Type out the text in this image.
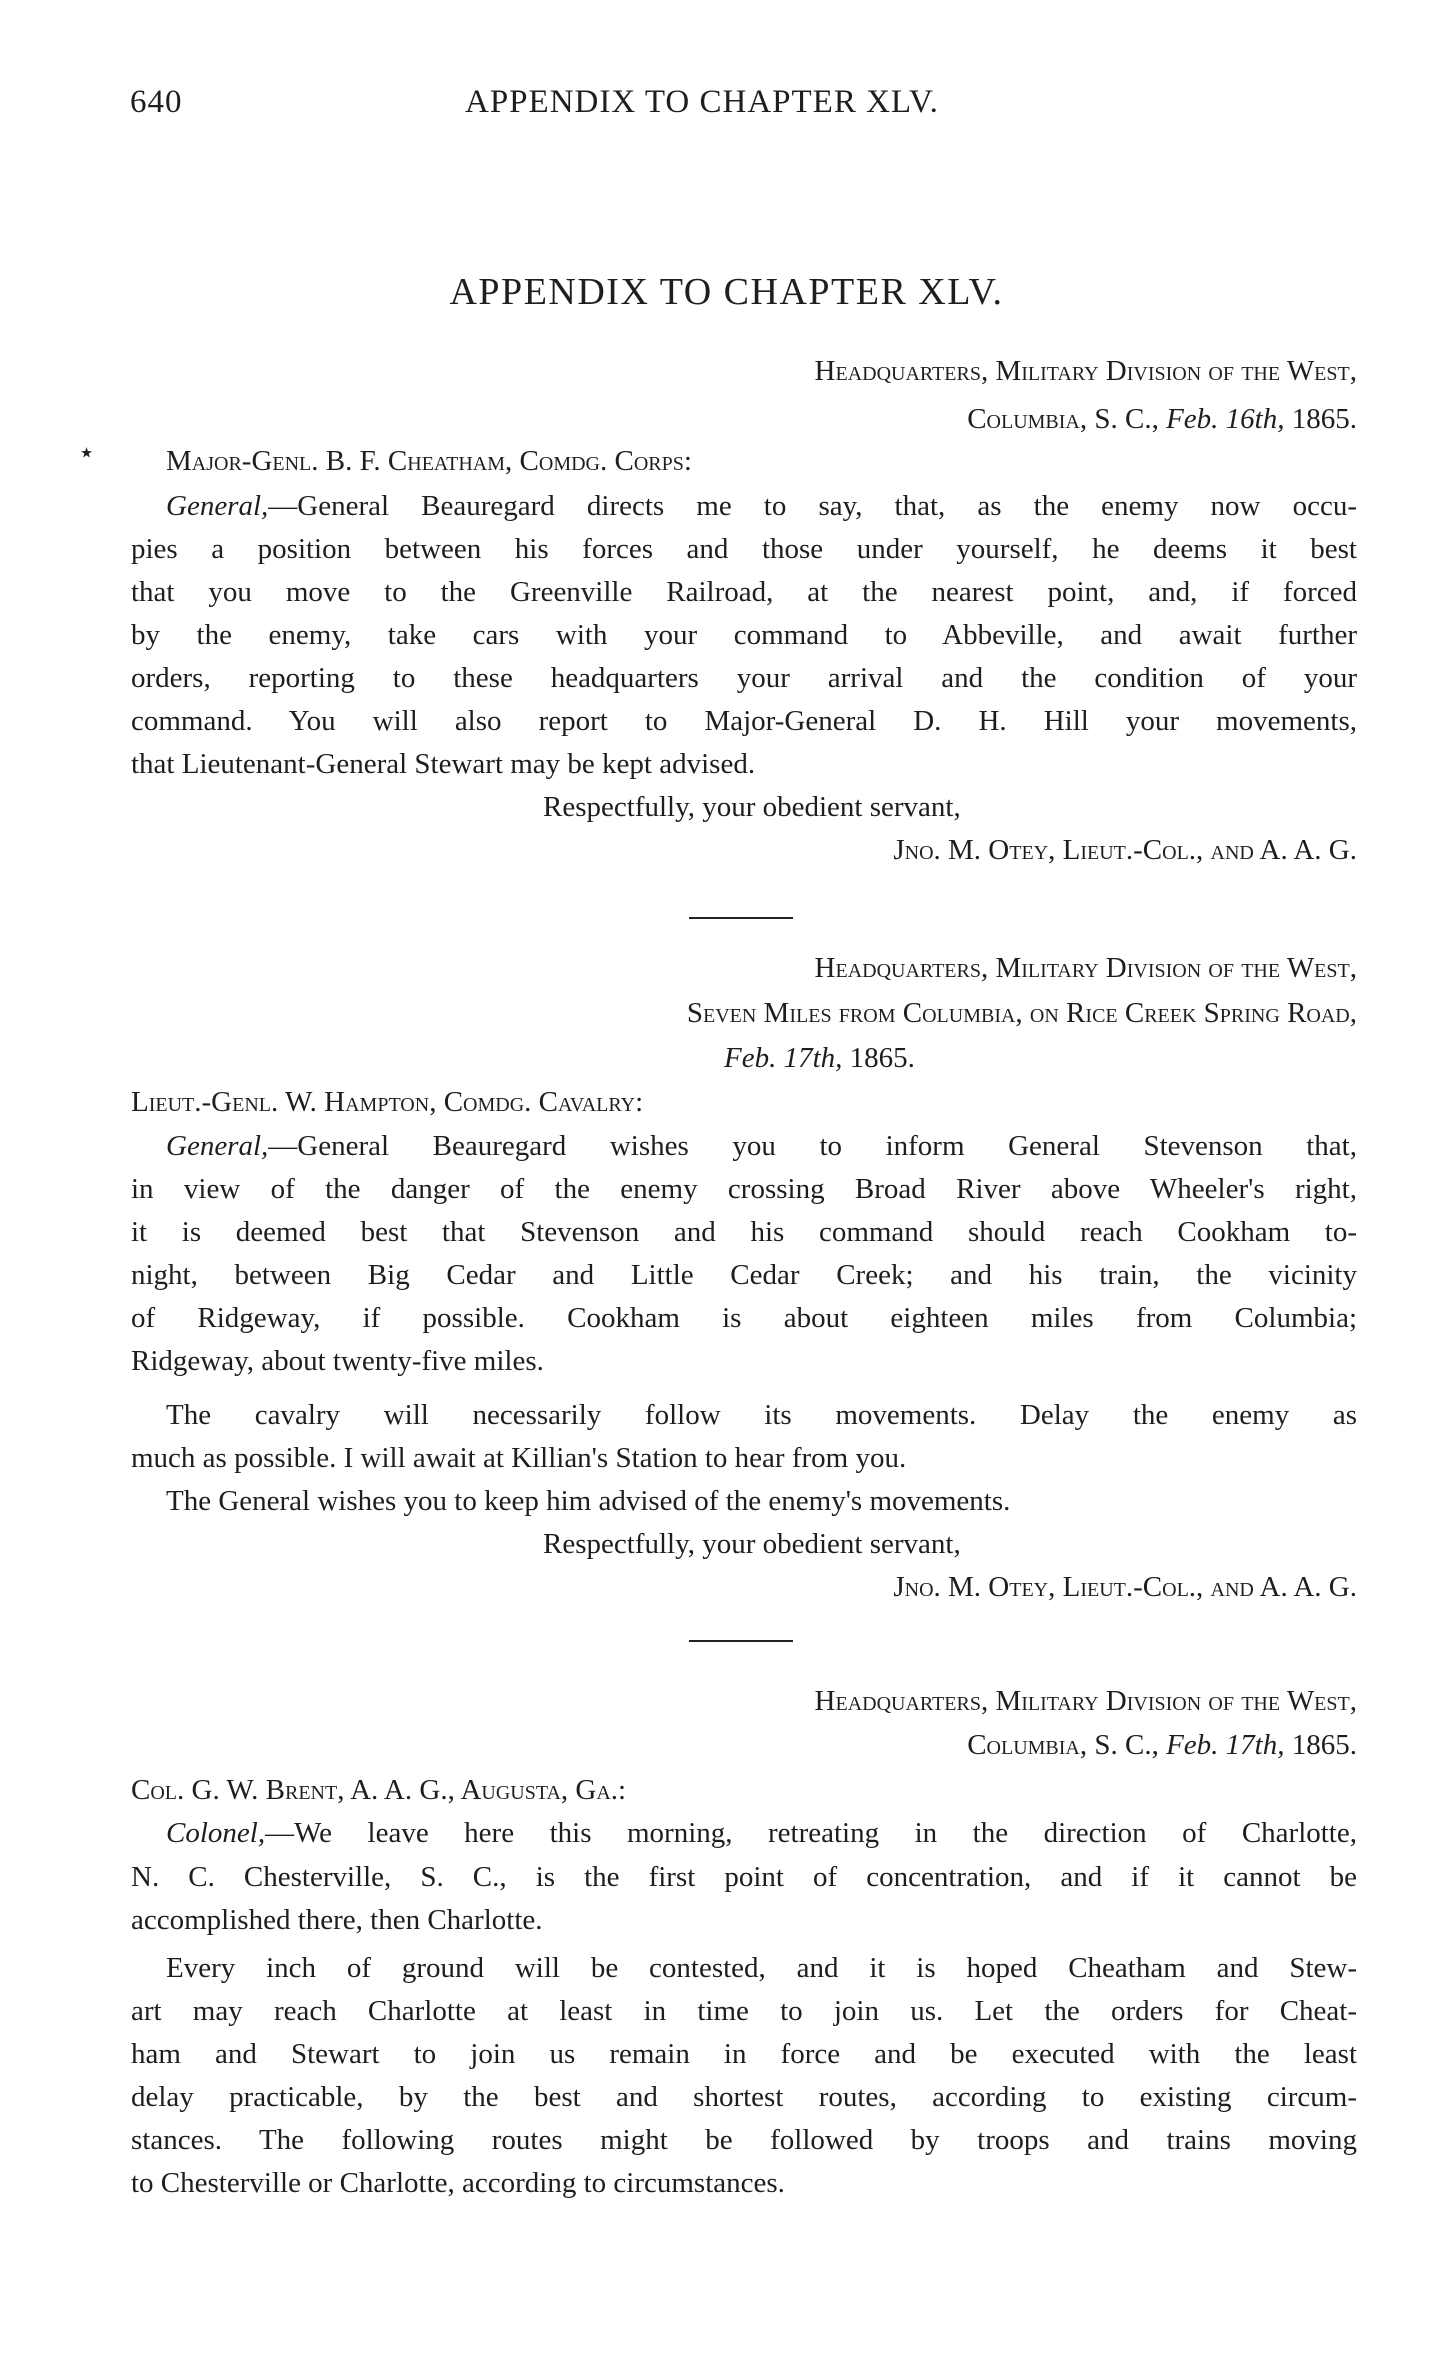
640	APPENDIX TO CHAPTER XLV.
APPENDIX TO CHAPTER XLV.
٭
Headquarters, Military Division of the West,
Columbia, S. C., Feb. 16th, 1865.
Major-Genl. B. F. Cheatham, Comdg. Corps:
General,—General Beauregard directs me to say, that, as the enemy now occu-
pies a position between his forces and those under yourself, he deems it best
that you move to the Greenville Railroad, at the nearest point, and, if forced
by the enemy, take cars with your command to Abbeville, and await further
orders, reporting to these headquarters your arrival and the condition of your
command. You will also report to Major-General D. H. Hill your movements,
that Lieutenant-General Stewart may be kept advised.
Respectfully, your obedient servant,
Jno. M. Otey, Lieut.-Col., and A. A. G.
Headquarters, Military Division of the West,
Seven Miles from Columbia, on Rice Creek Spring Road,
Feb. 17th, 1865.
Lieut.-Genl. W. Hampton, Comdg. Cavalry:
General,—General Beauregard wishes you to inform General Stevenson that,
in view of the danger of the enemy crossing Broad River above Wheeler's right,
it is deemed best that Stevenson and his command should reach Cookham to-
night, between Big Cedar and Little Cedar Creek; and his train, the vicinity
of Ridgeway, if possible. Cookham is about eighteen miles from Columbia;
Ridgeway, about twenty-five miles.
The cavalry will necessarily follow its movements. Delay the enemy as
much as possible. I will await at Killian's Station to hear from you.
The General wishes you to keep him advised of the enemy's movements.
Respectfully, your obedient servant,
Jno. M. Otey, Lieut.-Col., and A. A. G.
Headquarters, Military Division of the West,
Columbia, S. C., Feb. 17th, 1865.
Col. G. W. Brent, A. A. G., Augusta, Ga.:
Colonel,—We leave here this morning, retreating in the direction of Charlotte,
N. C. Chesterville, S. C., is the first point of concentration, and if it cannot be
accomplished there, then Charlotte.
Every inch of ground will be contested, and it is hoped Cheatham and Stew-
art may reach Charlotte at least in time to join us. Let the orders for Cheat-
ham and Stewart to join us remain in force and be executed with the least
delay practicable, by the best and shortest routes, according to existing circum-
stances. The following routes might be followed by troops and trains moving
to Chesterville or Charlotte, according to circumstances.
